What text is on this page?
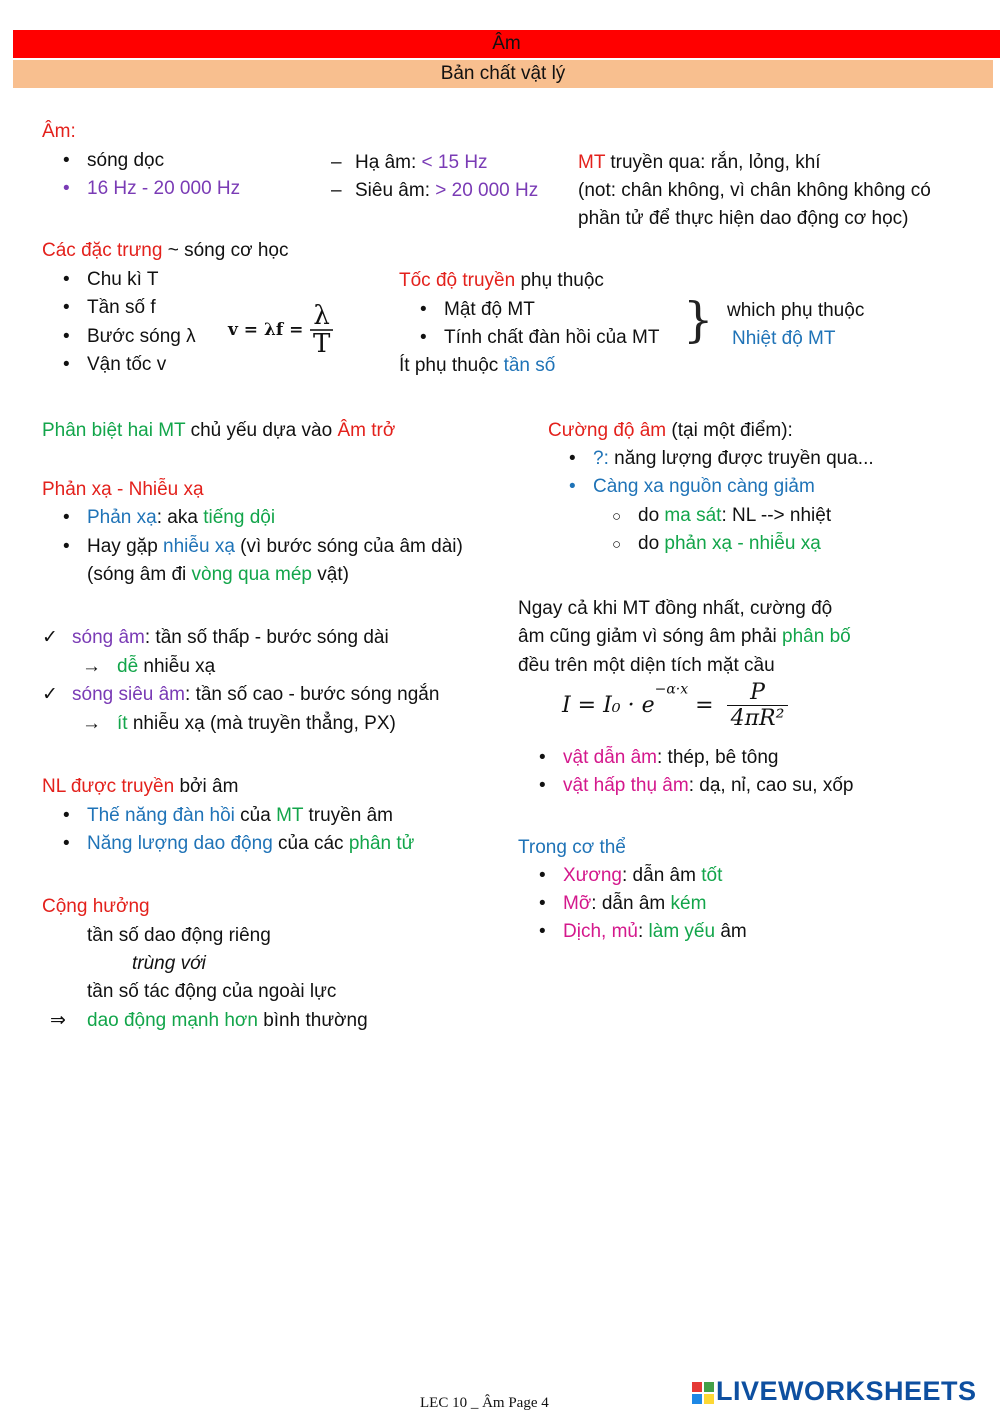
Âm
Bản chất vật lý
Âm:
• sóng dọc
• 16 Hz - 20 000 Hz
– Hạ âm: < 15 Hz
– Siêu âm: > 20 000 Hz
MT truyền qua: rắn, lỏng, khí
(not: chân không, vì chân không không có
phần tử để thực hiện dao động cơ học)
Các đặc trưng ~ sóng cơ học
• Chu kì T
• Tần số f
• Bước sóng λ
• Vận tốc v
$v = \lambda f = \frac{\lambda}{T}$
Tốc độ truyền phụ thuộc
• Mật độ MT
• Tính chất đàn hồi của MT } which phụ thuộc
Nhiệt độ MT
Ít phụ thuộc tần số
Phân biệt hai MT chủ yếu dựa vào Âm trở
Phản xạ - Nhiễu xạ
• Phản xạ: aka tiếng dội
• Hay gặp nhiễu xạ (vì bước sóng của âm dài)
(sóng âm đi vòng qua mép vật)
✓ sóng âm: tần số thấp - bước sóng dài
→ dễ nhiễu xạ
✓ sóng siêu âm: tần số cao - bước sóng ngắn
→ ít nhiễu xạ (mà truyền thẳng, PX)
NL được truyền bởi âm
• Thế năng đàn hồi của MT truyền âm
• Năng lượng dao động của các phân tử
Cộng hưởng
tần số dao động riêng
trùng với
tần số tác động của ngoài lực
⇒ dao động mạnh hơn bình thường
Cường độ âm (tại một điểm):
• ?: năng lượng được truyền qua...
• Càng xa nguồn càng giảm
○ do ma sát: NL --> nhiệt
○ do phản xạ - nhiễu xạ
Ngay cả khi MT đồng nhất, cường độ
âm cũng giảm vì sóng âm phải phân bố
đều trên một diện tích mặt cầu
$I = I_0 \cdot e^{-\alpha\cdot x} = \frac{P}{\text{4πR²}}$
• vật dẫn âm: thép, bê tông
• vật hấp thụ âm: dạ, nỉ, cao su, xốp
Trong cơ thể
• Xương: dẫn âm tốt
• Mỡ: dẫn âm kém
• Dịch, mủ: làm yếu âm
LEC 10 _ Âm Page 4	LIVEWORKSHEETS
